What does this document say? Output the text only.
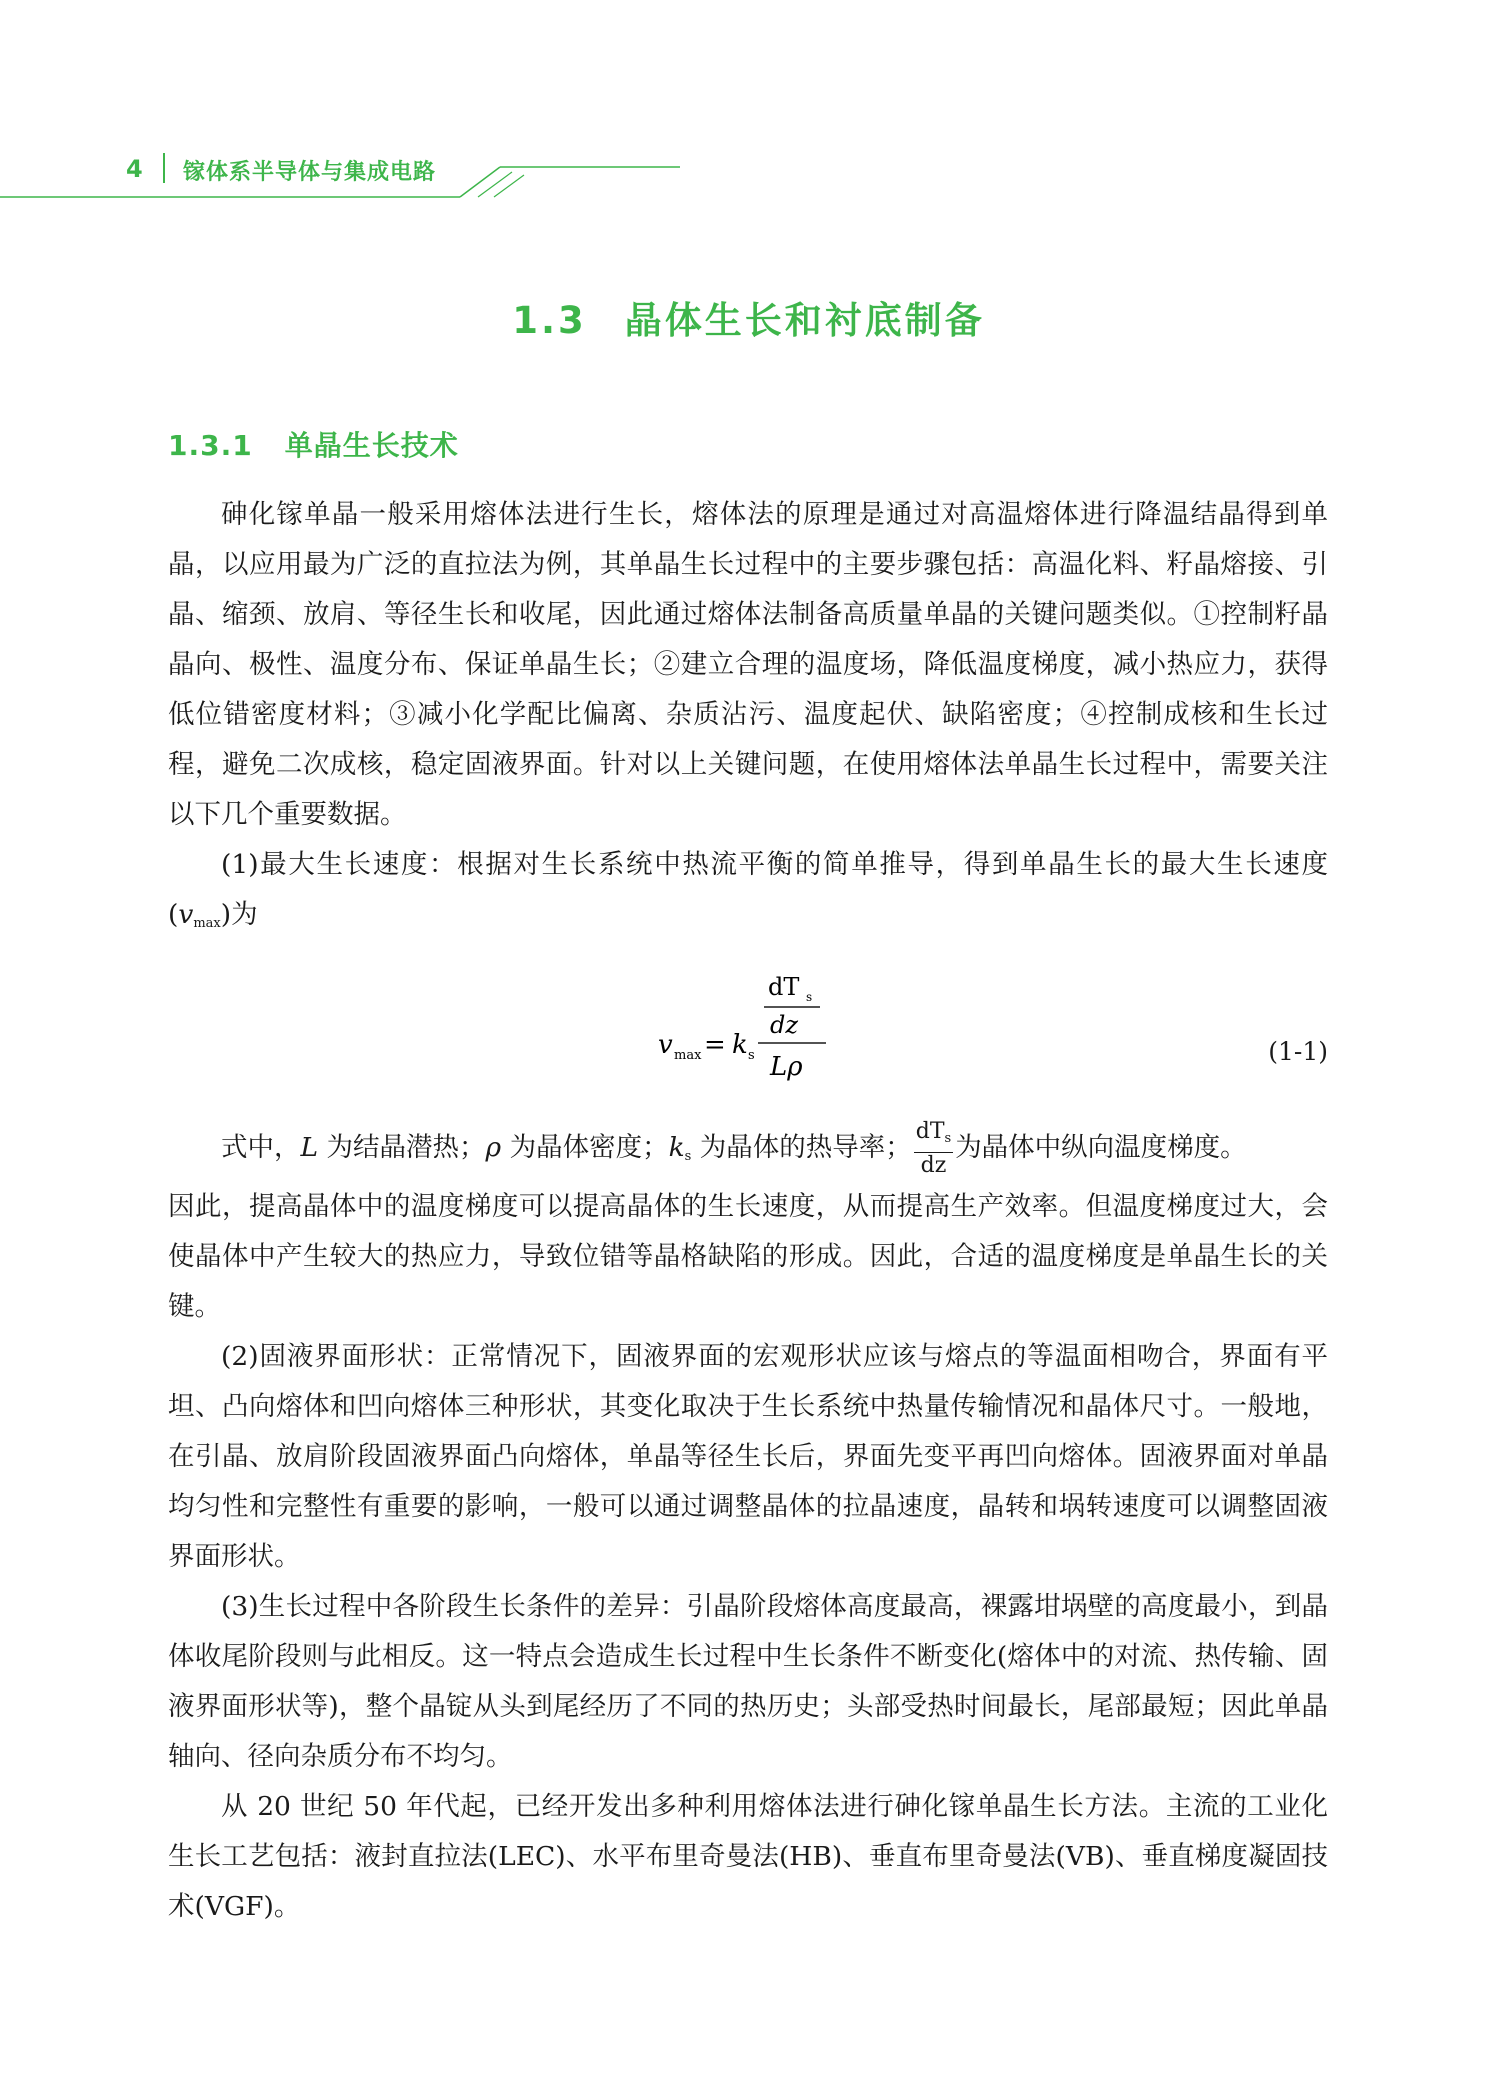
4 镓体系半导体与集成电路
1.3 晶体生长和衬底制备
1.3.1 单晶生长技术

砷化镓单晶一般采用熔体法进行生长，熔体法的原理是通过对高温熔体进行降温结晶得到单晶，以应用最为广泛的直拉法为例，其单晶生长过程中的主要步骤包括：高温化料、籽晶熔接、引晶、缩颈、放肩、等径生长和收尾，因此通过熔体法制备高质量单晶的关键问题类似。①控制籽晶晶向、极性、温度分布、保证单晶生长；②建立合理的温度场，降低温度梯度，减小热应力，获得低位错密度材料；③减小化学配比偏离、杂质沾污、温度起伏、缺陷密度；④控制成核和生长过程，避免二次成核，稳定固液界面。针对以上关键问题，在使用熔体法单晶生长过程中，需要关注以下几个重要数据。

(1)最大生长速度：根据对生长系统中热流平衡的简单推导，得到单晶生长的最大生长速度$(v_{max})$为

v max = k s
dT s
dz
Lρ
(1-1)

式中，L 为结晶潜热；ρ 为晶体密度；$k_s$ 为晶体的热导率； $\frac{dT_s}{dz}$ 为晶体中纵向温度梯度。

因此，提高晶体中的温度梯度可以提高晶体的生长速度，从而提高生产效率。但温度梯度过大，会使晶体中产生较大的热应力，导致位错等晶格缺陷的形成。因此，合适的温度梯度是单晶生长的关键。

(2)固液界面形状：正常情况下，固液界面的宏观形状应该与熔点的等温面相吻合，界面有平坦、凸向熔体和凹向熔体三种形状，其变化取决于生长系统中热量传输情况和晶体尺寸。一般地，在引晶、放肩阶段固液界面凸向熔体，单晶等径生长后，界面先变平再凹向熔体。固液界面对单晶均匀性和完整性有重要的影响，一般可以通过调整晶体的拉晶速度，晶转和埚转速度可以调整固液界面形状。

(3)生长过程中各阶段生长条件的差异：引晶阶段熔体高度最高，裸露坩埚壁的高度最小，到晶体收尾阶段则与此相反。这一特点会造成生长过程中生长条件不断变化(熔体中的对流、热传输、固液界面形状等)，整个晶锭从头到尾经历了不同的热历史；头部受热时间最长，尾部最短；因此单晶轴向、径向杂质分布不均匀。

从 20 世纪 50 年代起，已经开发出多种利用熔体法进行砷化镓单晶生长方法。主流的工业化生长工艺包括：液封直拉法(LEC)、水平布里奇曼法(HB)、垂直布里奇曼法(VB)、垂直梯度凝固技术(VGF)。
